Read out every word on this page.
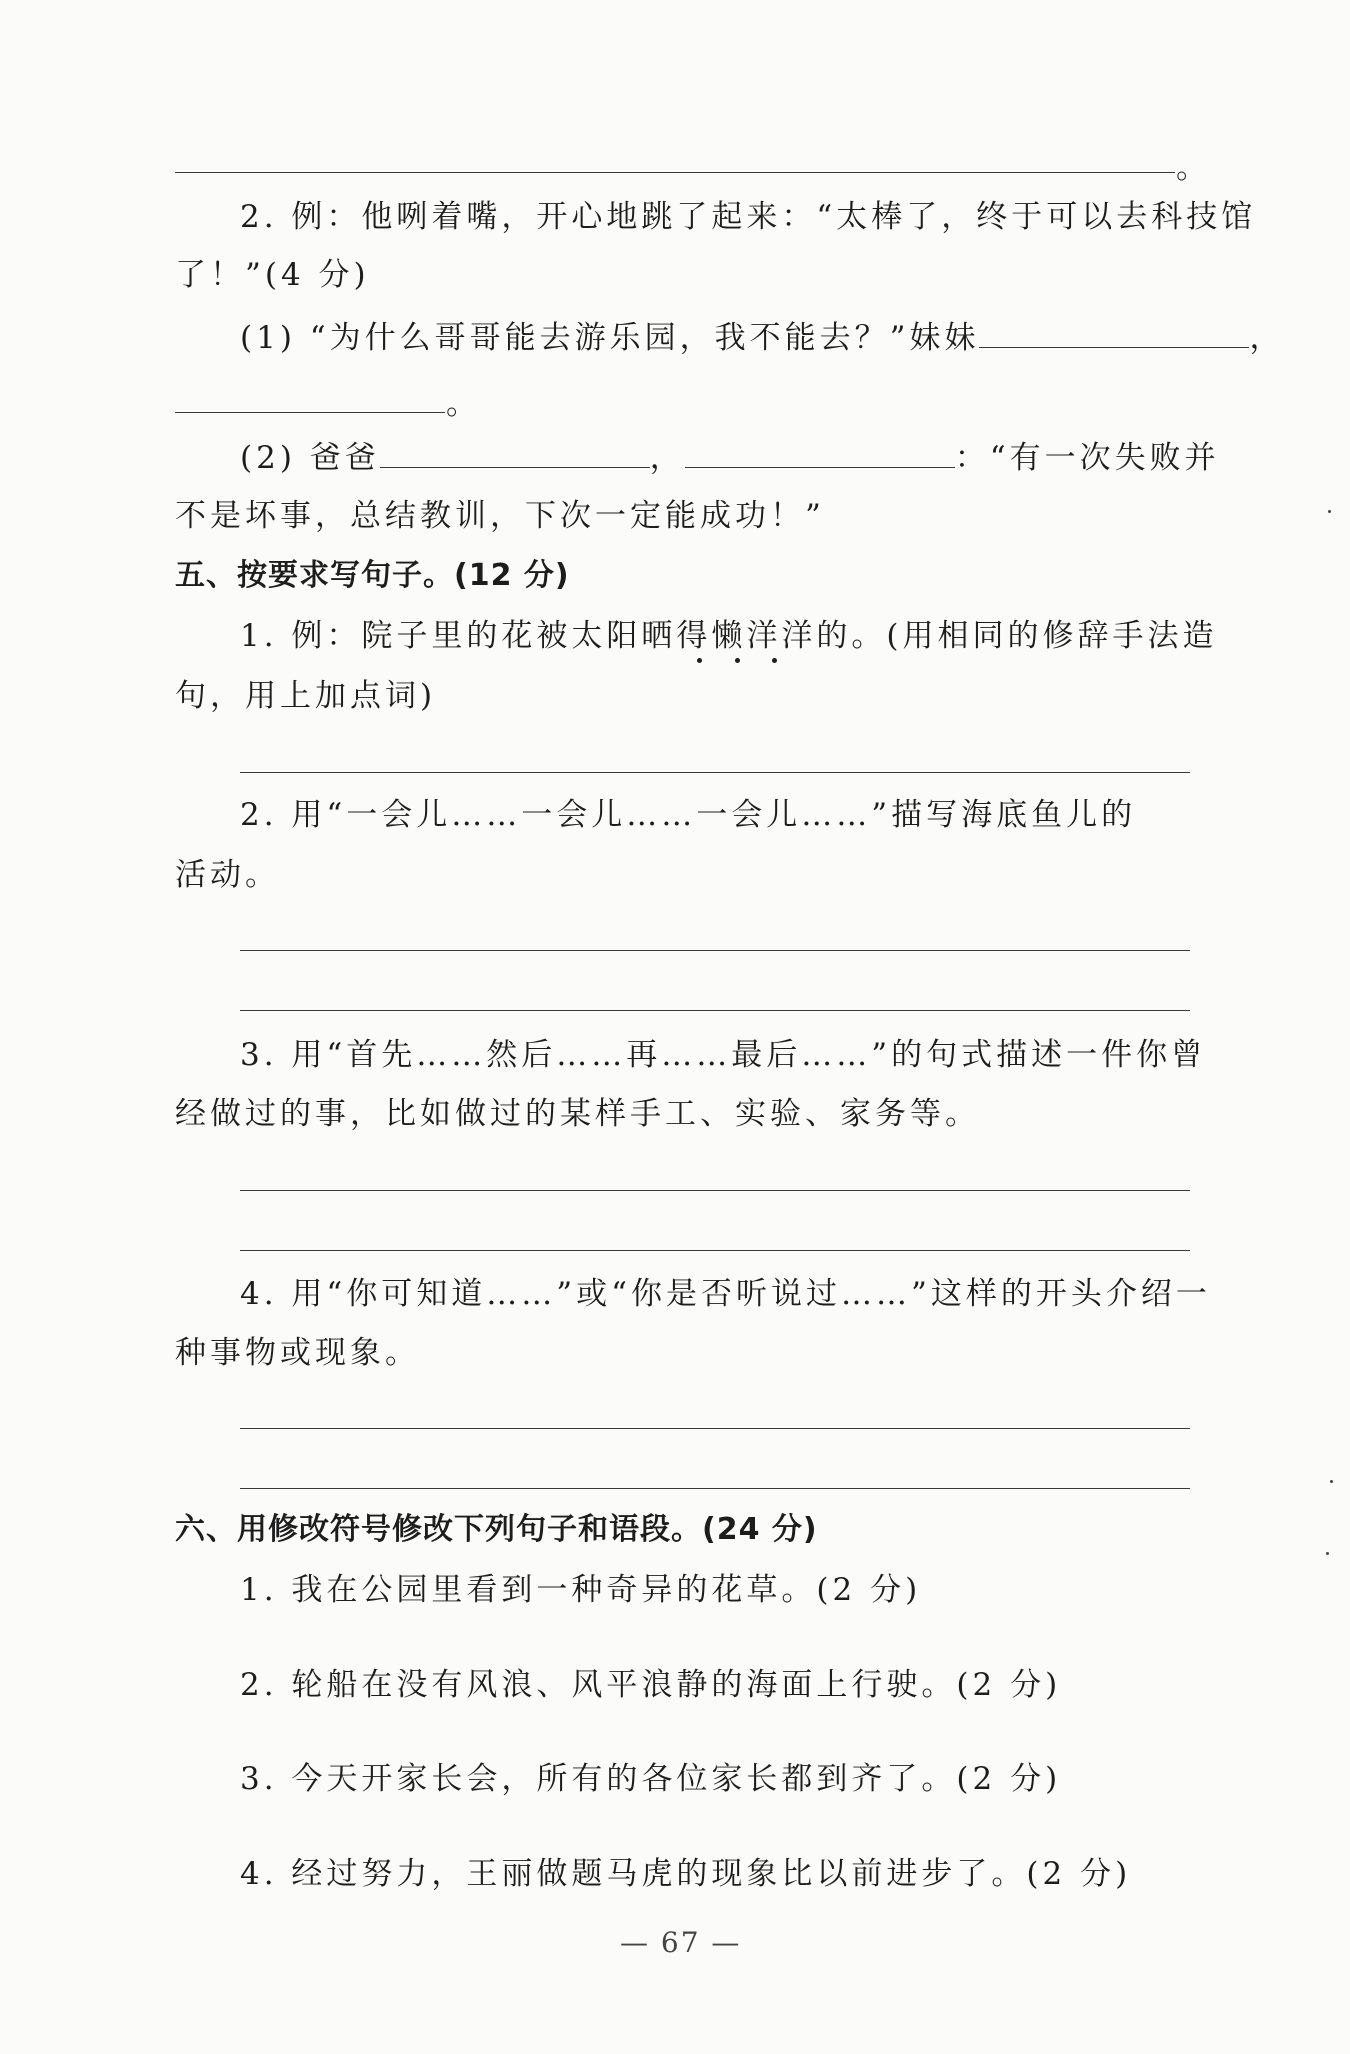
。
2. 例：他咧着嘴，开心地跳了起来：“太棒了，终于可以去科技馆
了！”(4 分)
(1) “为什么哥哥能去游乐园，我不能去？”妹妹	，
。
(2) 爸爸	，	：“有一次失败并
不是坏事，总结教训，下次一定能成功！”
五、按要求写句子。(12 分)
1. 例：院子里的花被太阳晒得懒洋洋的。(用相同的修辞手法造
句，用上加点词)
2. 用“一会儿……一会儿……一会儿……”描写海底鱼儿的
活动。
3. 用“首先……然后……再……最后……”的句式描述一件你曾
经做过的事，比如做过的某样手工、实验、家务等。
4. 用“你可知道……”或“你是否听说过……”这样的开头介绍一
种事物或现象。
六、用修改符号修改下列句子和语段。(24 分)
1. 我在公园里看到一种奇异的花草。(2 分)
2. 轮船在没有风浪、风平浪静的海面上行驶。(2 分)
3. 今天开家长会，所有的各位家长都到齐了。(2 分)
4. 经过努力，王丽做题马虎的现象比以前进步了。(2 分)
— 67 —
